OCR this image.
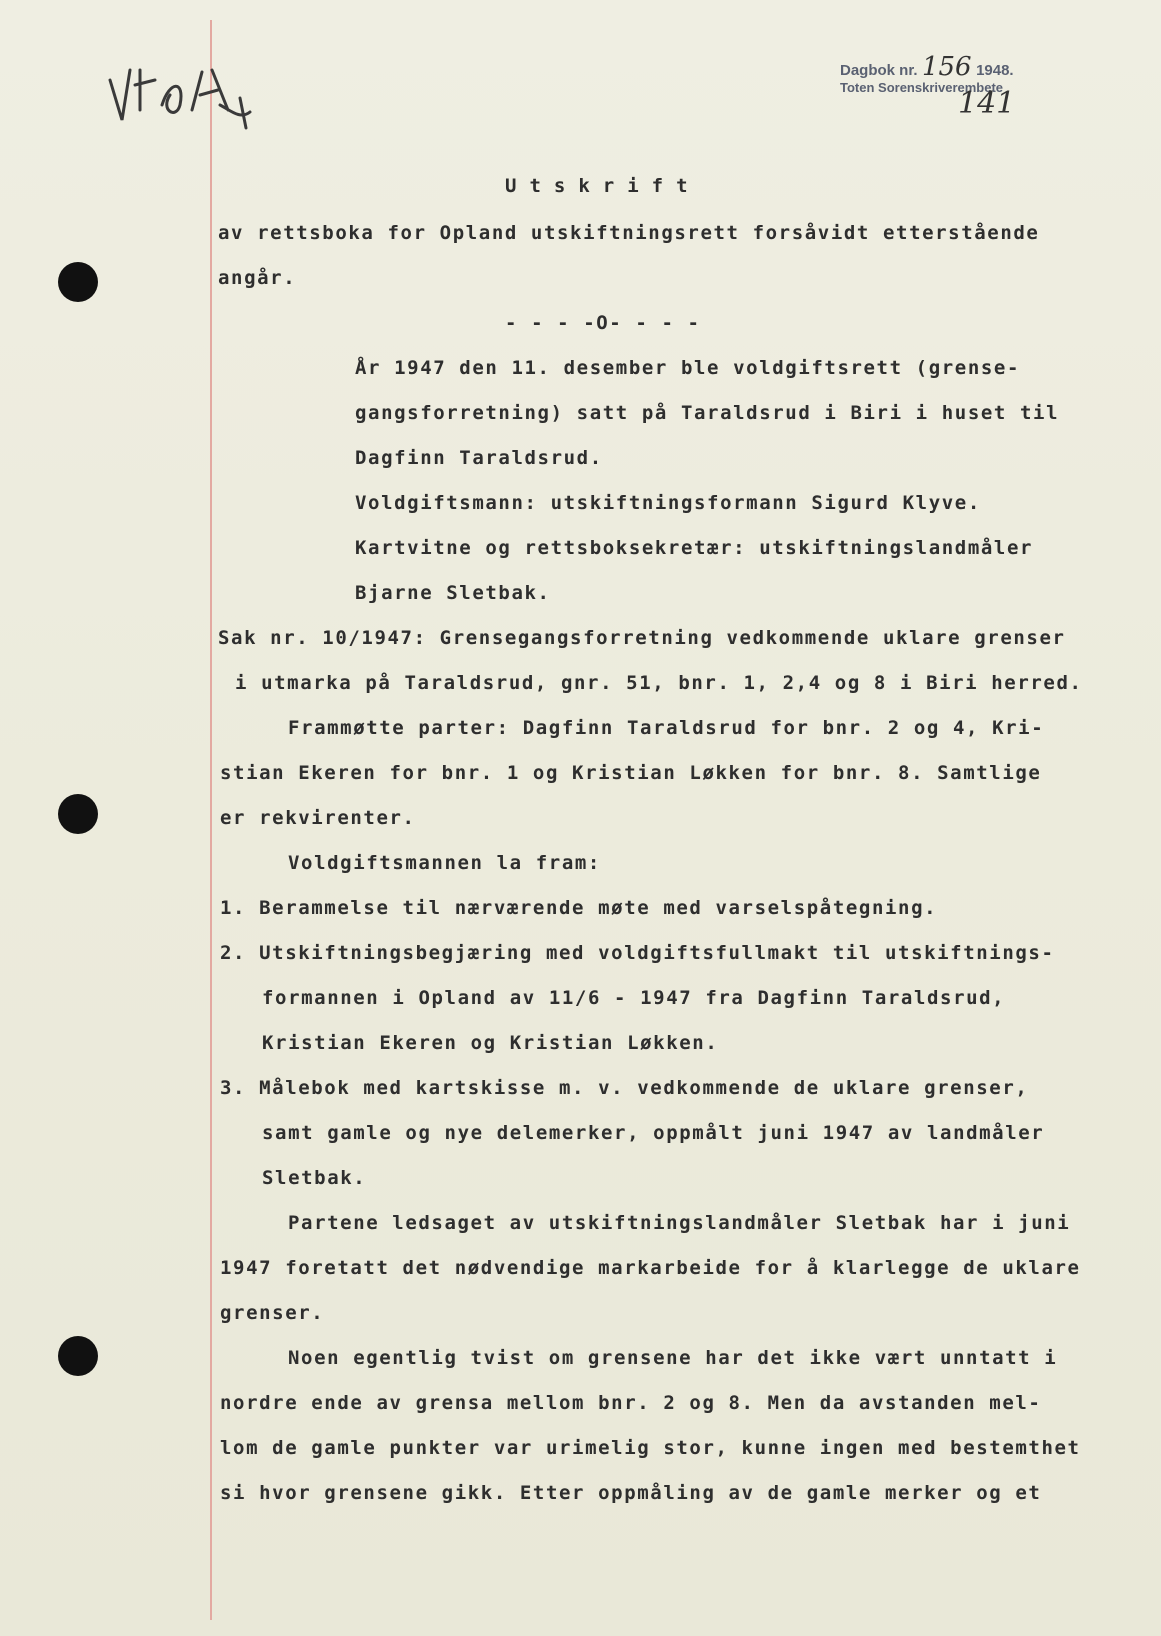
Dagbok nr. 156 1948.
Toten Sorenskriverembete
141
Utskrift
av rettsboka for Opland utskiftningsrett forsåvidt etterstående
angår.
- - - -O- - - -
År 1947 den 11. desember ble voldgiftsrett (grense-
gangsforretning) satt på Taraldsrud i Biri i huset til
Dagfinn Taraldsrud.
Voldgiftsmann: utskiftningsformann Sigurd Klyve.
Kartvitne og rettsboksekretær: utskiftningslandmåler
Bjarne Sletbak.
Sak nr. 10/1947: Grensegangsforretning vedkommende uklare grenser
i utmarka på Taraldsrud, gnr. 51, bnr. 1, 2,4 og 8 i Biri herred.
Frammøtte parter: Dagfinn Taraldsrud for bnr. 2 og 4, Kri-
stian Ekeren for bnr. 1 og Kristian Løkken for bnr. 8. Samtlige
er rekvirenter.
Voldgiftsmannen la fram:
1. Berammelse til nærværende møte med varselspåtegning.
2. Utskiftningsbegjæring med voldgiftsfullmakt til utskiftnings-
formannen i Opland av 11/6 - 1947 fra Dagfinn Taraldsrud,
Kristian Ekeren og Kristian Løkken.
3. Målebok med kartskisse m. v. vedkommende de uklare grenser,
samt gamle og nye delemerker, oppmålt juni 1947 av landmåler
Sletbak.
Partene ledsaget av utskiftningslandmåler Sletbak har i juni
1947 foretatt det nødvendige markarbeide for å klarlegge de uklare
grenser.
Noen egentlig tvist om grensene har det ikke vært unntatt i
nordre ende av grensa mellom bnr. 2 og 8. Men da avstanden mel-
lom de gamle punkter var urimelig stor, kunne ingen med bestemthet
si hvor grensene gikk. Etter oppmåling av de gamle merker og et
